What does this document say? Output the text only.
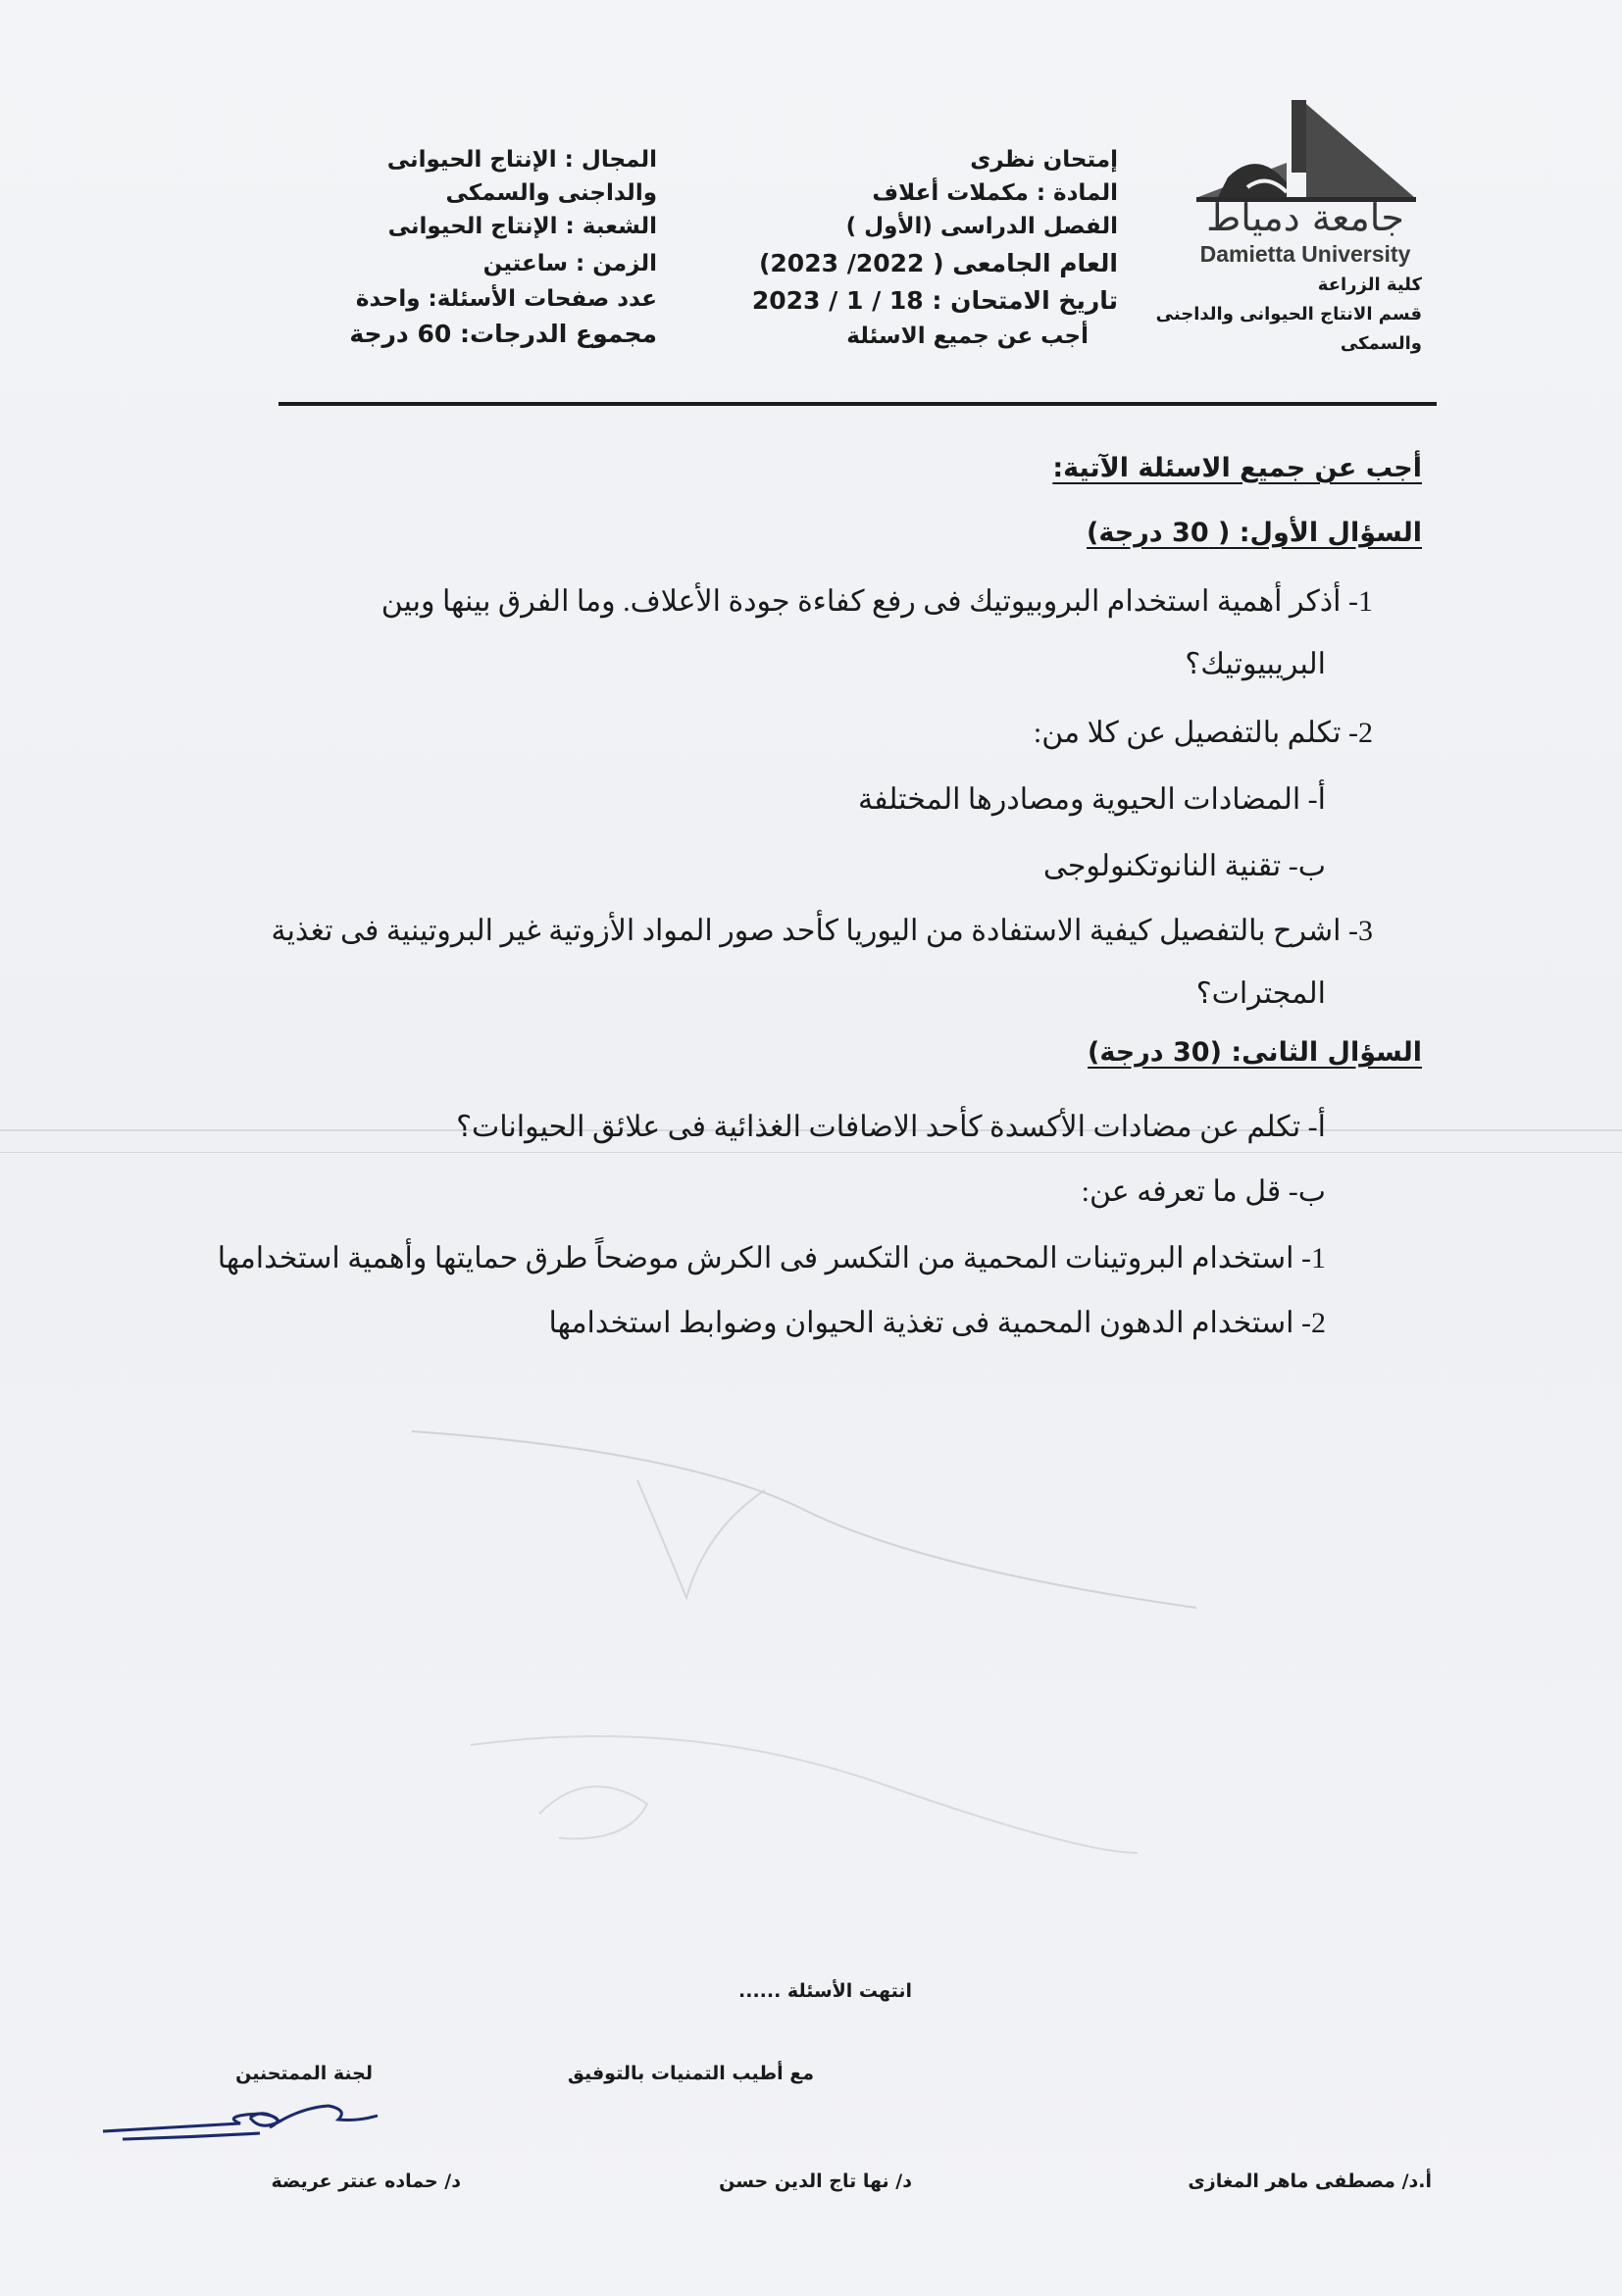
جامعة دمياط
Damietta University
كلية الزراعة
قسم الانتاج الحيوانى والداجنى
والسمكى
إمتحان نظرى
المادة : مكملات أعلاف
الفصل الدراسى (الأول )
العام الجامعى ( 2022/ 2023)
تاريخ الامتحان : 18 / 1 / 2023
أجب عن جميع الاسئلة
المجال : الإنتاج الحيوانى
والداجنى والسمكى
الشعبة : الإنتاج الحيوانى
الزمن : ساعتين
عدد صفحات الأسئلة: واحدة
مجموع الدرجات: 60 درجة
أجب عن جميع الاسئلة الآتية:
السؤال الأول: ( 30 درجة)
1- أذكر أهمية استخدام البروبيوتيك فى رفع كفاءة جودة الأعلاف. وما الفرق بينها وبين
البريبيوتيك؟
2- تكلم بالتفصيل عن كلا من:
أ- المضادات الحيوية ومصادرها المختلفة
ب- تقنية النانوتكنولوجى
3- اشرح بالتفصيل كيفية الاستفادة من اليوريا كأحد صور المواد الأزوتية غير البروتينية فى تغذية
المجترات؟
السؤال الثانى: (30 درجة)
أ- تكلم عن مضادات الأكسدة كأحد الاضافات الغذائية فى علائق الحيوانات؟
ب- قل ما تعرفه عن:
1- استخدام البروتينات المحمية من التكسر فى الكرش موضحاً طرق حمايتها وأهمية استخدامها
2- استخدام الدهون المحمية فى تغذية الحيوان وضوابط استخدامها
انتهت الأسئلة ......
مع أطيب التمنيات بالتوفيق
لجنة الممتحنين
أ.د/ مصطفى ماهر المغازى
د/ نها تاج الدين حسن
د/ حماده عنتر عريضة
